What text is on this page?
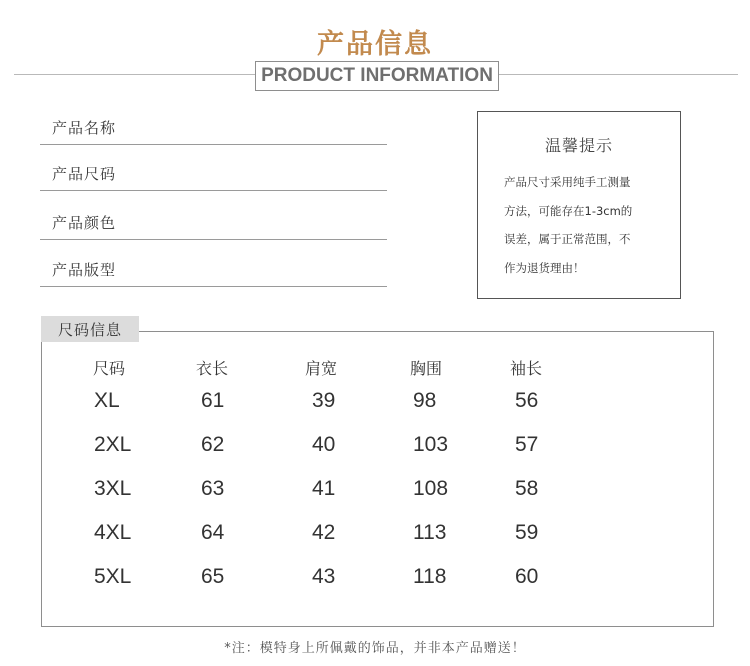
产品信息
PRODUCT INFORMATION
产品名称
产品尺码
产品颜色
产品版型
温馨提示
产品尺寸采用纯手工测量
方法，可能存在1-3cm的
误差，属于正常范围，不
作为退货理由！
尺码信息
尺码	衣长	肩宽	胸围	袖长
XL	61	39	98	56
2XL	62	40	103	57
3XL	63	41	108	58
4XL	64	42	113	59
5XL	65	43	118	60
*注：模特身上所佩戴的饰品，并非本产品赠送！
